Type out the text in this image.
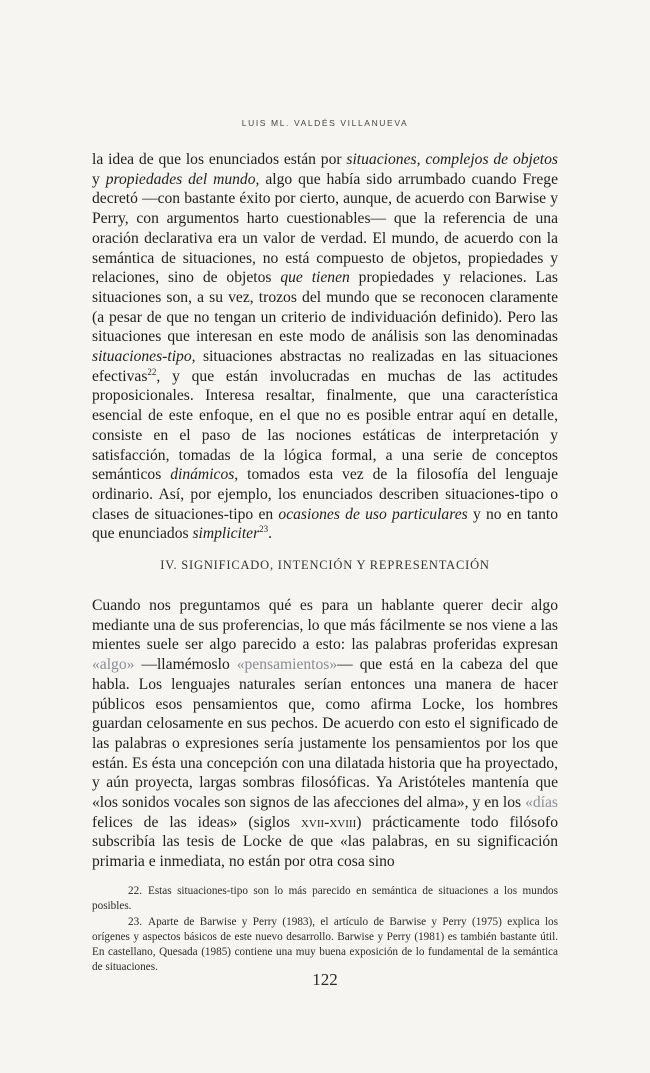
LUIS ML. VALDÉS VILLANUEVA

la idea de que los enunciados están por situaciones, complejos de objetos y propiedades del mundo, algo que había sido arrumbado cuando Frege decretó —con bastante éxito por cierto, aunque, de acuerdo con Barwise y Perry, con argumentos harto cuestionables— que la referencia de una oración declarativa era un valor de verdad. El mundo, de acuerdo con la semántica de situaciones, no está compuesto de objetos, propiedades y relaciones, sino de objetos que tienen propiedades y relaciones. Las situaciones son, a su vez, trozos del mundo que se reconocen claramente (a pesar de que no tengan un criterio de individuación definido). Pero las situaciones que interesan en este modo de análisis son las denominadas situaciones-tipo, situaciones abstractas no realizadas en las situaciones efectivas$^{22}$, y que están involucradas en muchas de las actitudes proposicionales. Interesa resaltar, finalmente, que una característica esencial de este enfoque, en el que no es posible entrar aquí en detalle, consiste en el paso de las nociones estáticas de interpretación y satisfacción, tomadas de la lógica formal, a una serie de conceptos semánticos dinámicos, tomados esta vez de la filosofía del lenguaje ordinario. Así, por ejemplo, los enunciados describen situaciones-tipo o clases de situaciones-tipo en ocasiones de uso particulares y no en tanto que enunciados simpliciter$^{23}$.

IV. SIGNIFICADO, INTENCIÓN Y REPRESENTACIÓN

Cuando nos preguntamos qué es para un hablante querer decir algo mediante una de sus proferencias, lo que más fácilmente se nos viene a las mientes suele ser algo parecido a esto: las palabras proferidas expresan «algo» —llamémoslo «pensamientos»— que está en la cabeza del que habla. Los lenguajes naturales serían entonces una manera de hacer públicos esos pensamientos que, como afirma Locke, los hombres guardan celosamente en sus pechos. De acuerdo con esto el significado de las palabras o expresiones sería justamente los pensamientos por los que están. Es ésta una concepción con una dilatada historia que ha proyectado, y aún proyecta, largas sombras filosóficas. Ya Aristóteles mantenía que «los sonidos vocales son signos de las afecciones del alma», y en los «días felices de las ideas» (siglos xvii-xviii) prácticamente todo filósofo subscribía las tesis de Locke de que «las palabras, en su significación primaria e inmediata, no están por otra cosa sino

22. Estas situaciones-tipo son lo más parecido en semántica de situaciones a los mundos posibles.

23. Aparte de Barwise y Perry (1983), el artículo de Barwise y Perry (1975) explica los orígenes y aspectos básicos de este nuevo desarrollo. Barwise y Perry (1981) es también bastante útil. En castellano, Quesada (1985) contiene una muy buena exposición de lo fundamental de la semántica de situaciones.

122
